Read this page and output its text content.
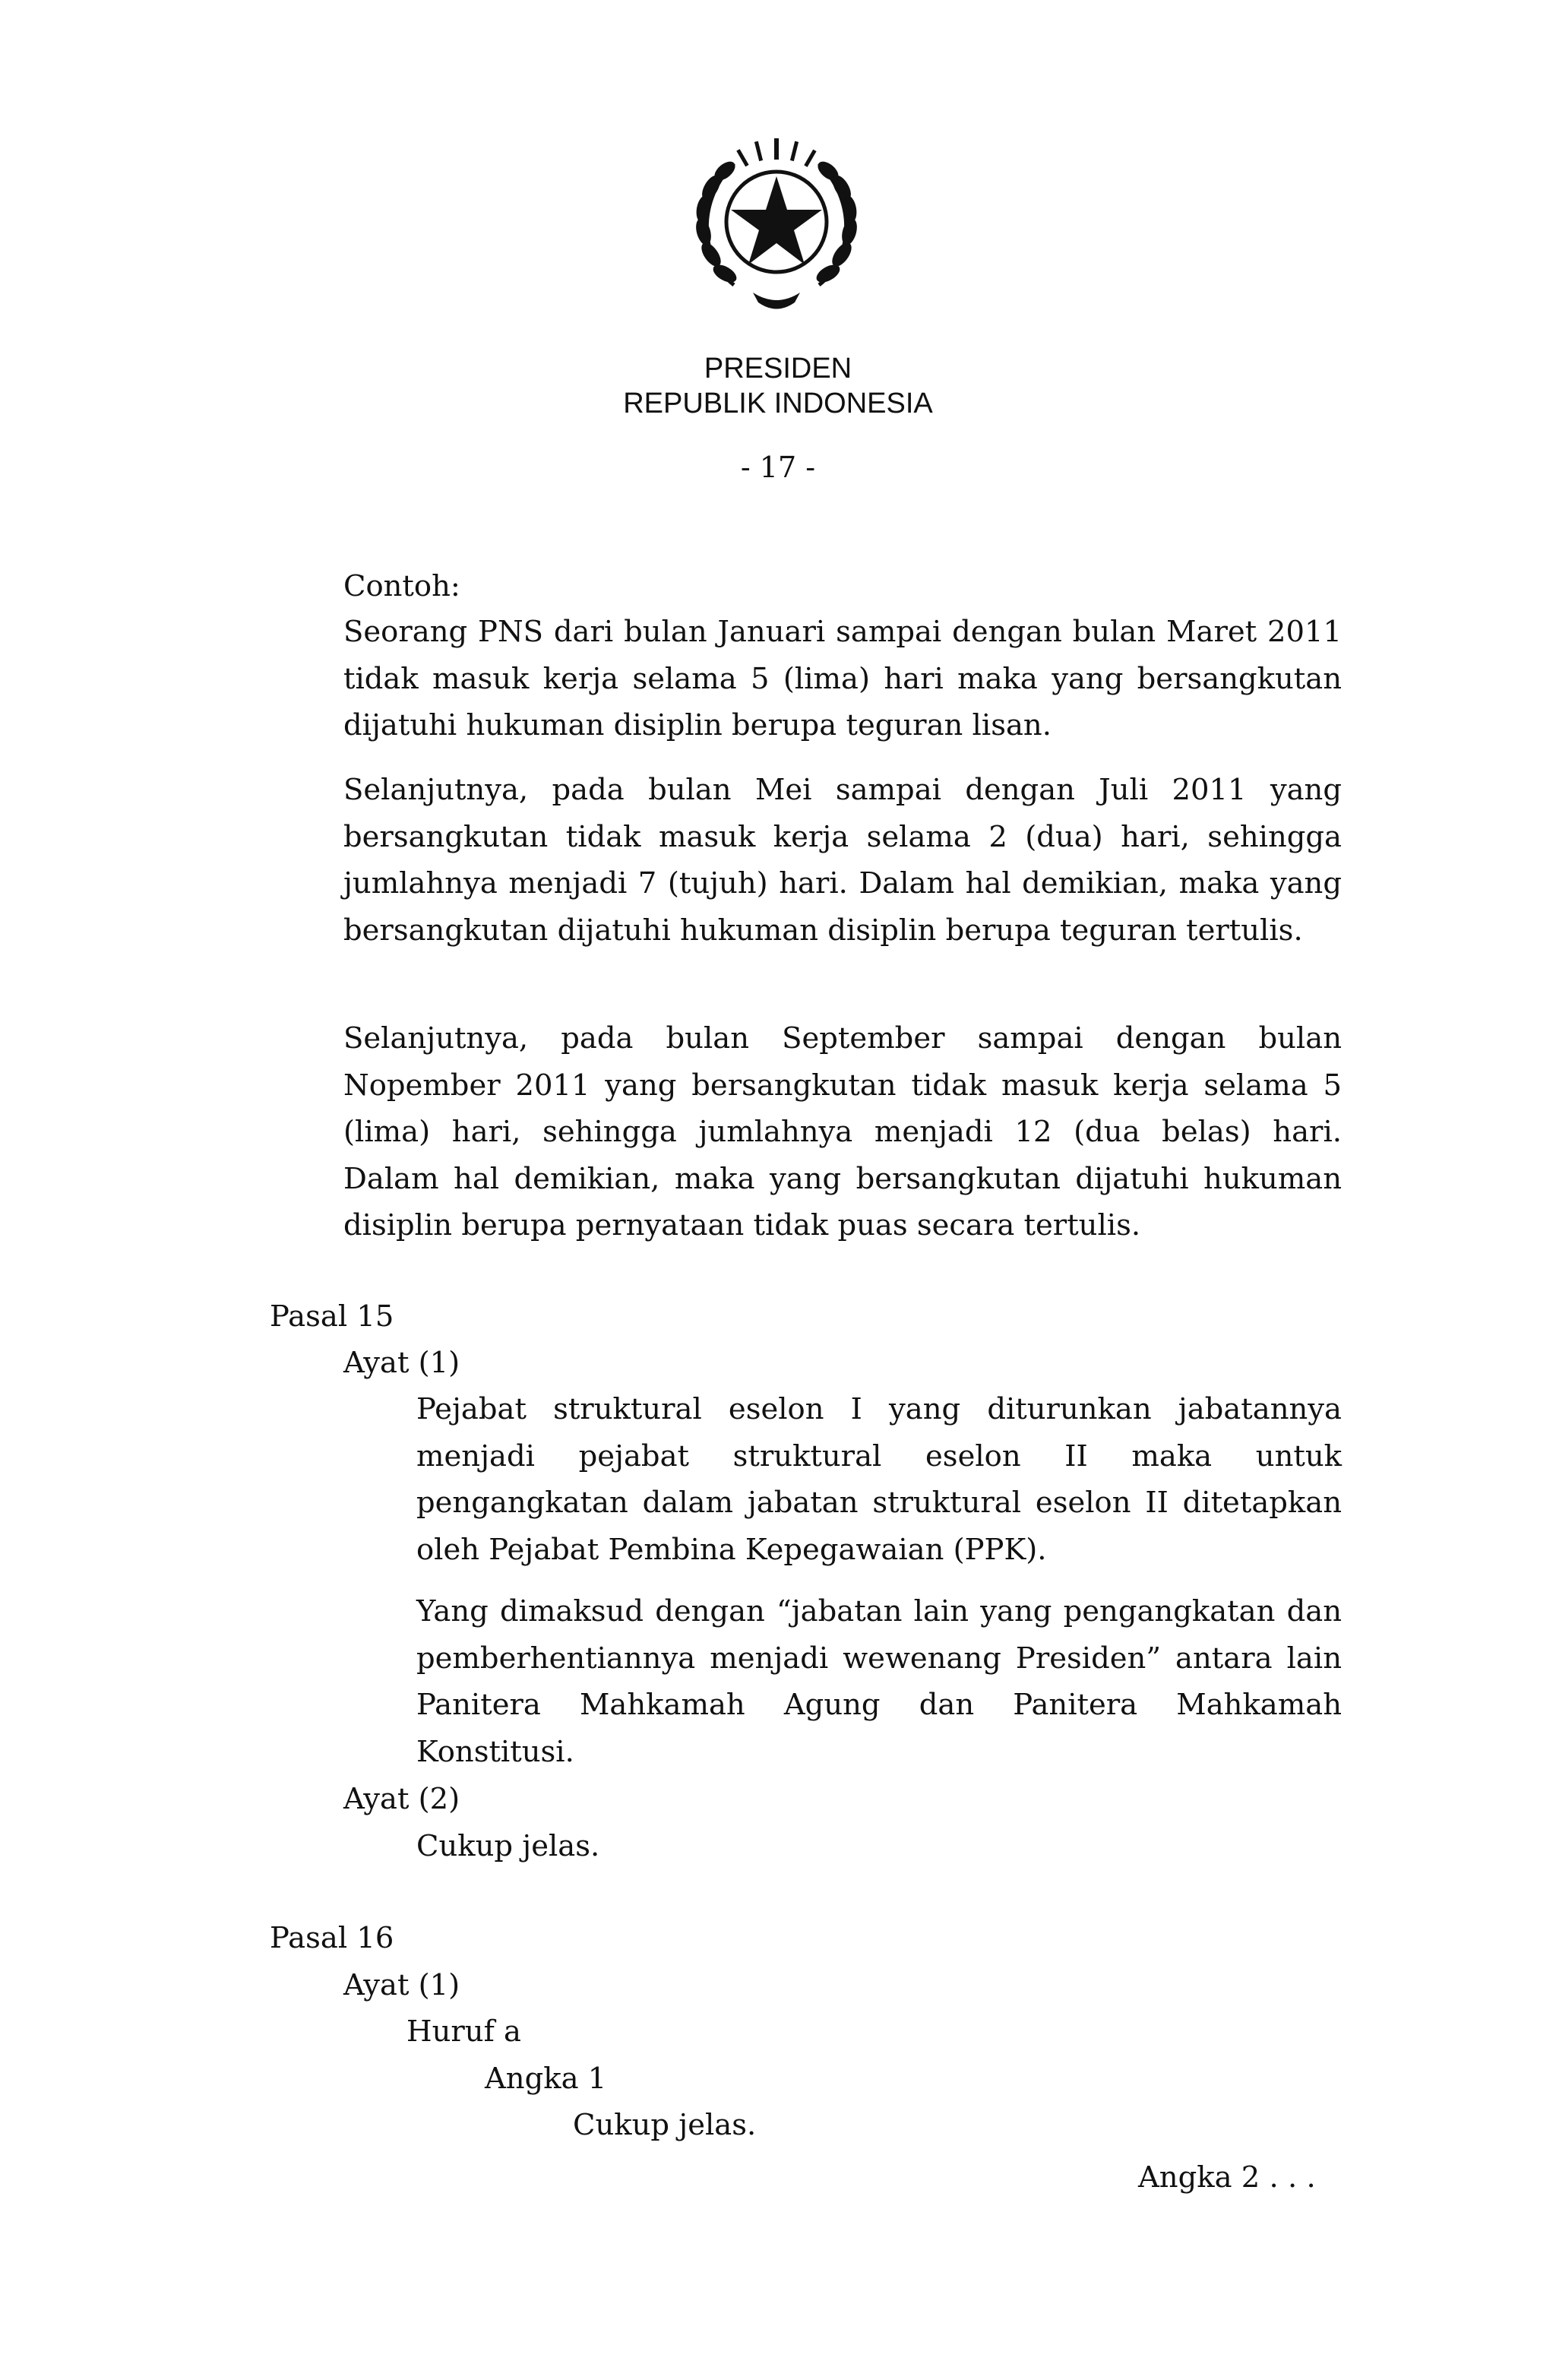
PRESIDEN
REPUBLIK INDONESIA
- 17 -
Contoh:

Seorang PNS dari bulan Januari sampai dengan bulan Maret 2011 tidak masuk kerja selama 5 (lima) hari maka yang bersangkutan dijatuhi hukuman disiplin berupa teguran lisan.

Selanjutnya, pada bulan Mei sampai dengan Juli 2011 yang bersangkutan tidak masuk kerja selama 2 (dua) hari, sehingga jumlahnya menjadi 7 (tujuh) hari. Dalam hal demikian, maka yang bersangkutan dijatuhi hukuman disiplin berupa teguran tertulis.

Selanjutnya, pada bulan September sampai dengan bulan Nopember 2011 yang bersangkutan tidak masuk kerja selama 5 (lima) hari, sehingga jumlahnya menjadi 12 (dua belas) hari. Dalam hal demikian, maka yang bersangkutan dijatuhi hukuman disiplin berupa pernyataan tidak puas secara tertulis.

Pasal 15
Ayat (1)

Pejabat struktural eselon I yang diturunkan jabatannya menjadi pejabat struktural eselon II maka untuk pengangkatan dalam jabatan struktural eselon II ditetapkan oleh Pejabat Pembina Kepegawaian (PPK).

Yang dimaksud dengan “jabatan lain yang pengangkatan dan pemberhentiannya menjadi wewenang Presiden” antara lain Panitera Mahkamah Agung dan Panitera Mahkamah Konstitusi.

Ayat (2)
Cukup jelas.
Pasal 16
Ayat (1)
Huruf a
Angka 1
Cukup jelas.
Angka 2 . . .
